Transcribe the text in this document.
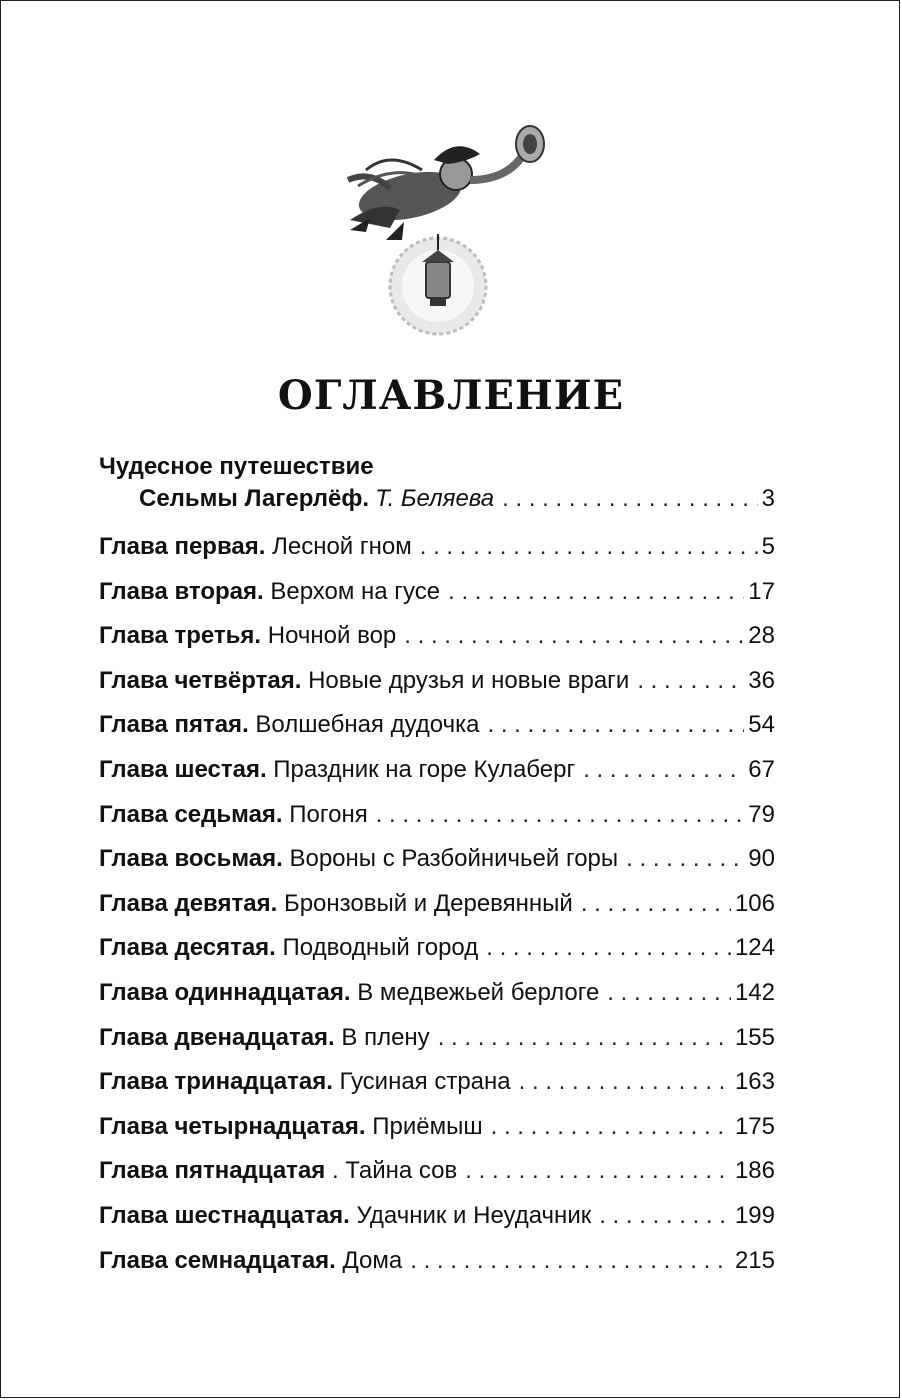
ОГЛАВЛЕНИЕ
Чудесное путешествие
Сельмы Лагерлёф. Т. Беляева . . .	3
Глава первая. Лесной гном . . .	5
Глава вторая. Верхом на гусе . . .	17
Глава третья. Ночной вор . . .	28
Глава четвёртая. Новые друзья и новые враги . . .	36
Глава пятая. Волшебная дудочка . . .	54
Глава шестая. Праздник на горе Кулаберг . . .	67
Глава седьмая. Погоня . . .	79
Глава восьмая. Вороны с Разбойничьей горы . . .	90
Глава девятая. Бронзовый и Деревянный . . .	106
Глава десятая. Подводный город . . .	124
Глава одиннадцатая. В медвежьей берлоге . . .	142
Глава двенадцатая. В плену . . .	155
Глава тринадцатая. Гусиная страна . . .	163
Глава четырнадцатая. Приёмыш . . .	175
Глава пятнадцатая . Тайна сов . . .	186
Глава шестнадцатая. Удачник и Неудачник . . .	199
Глава семнадцатая. Дома . . .	215
